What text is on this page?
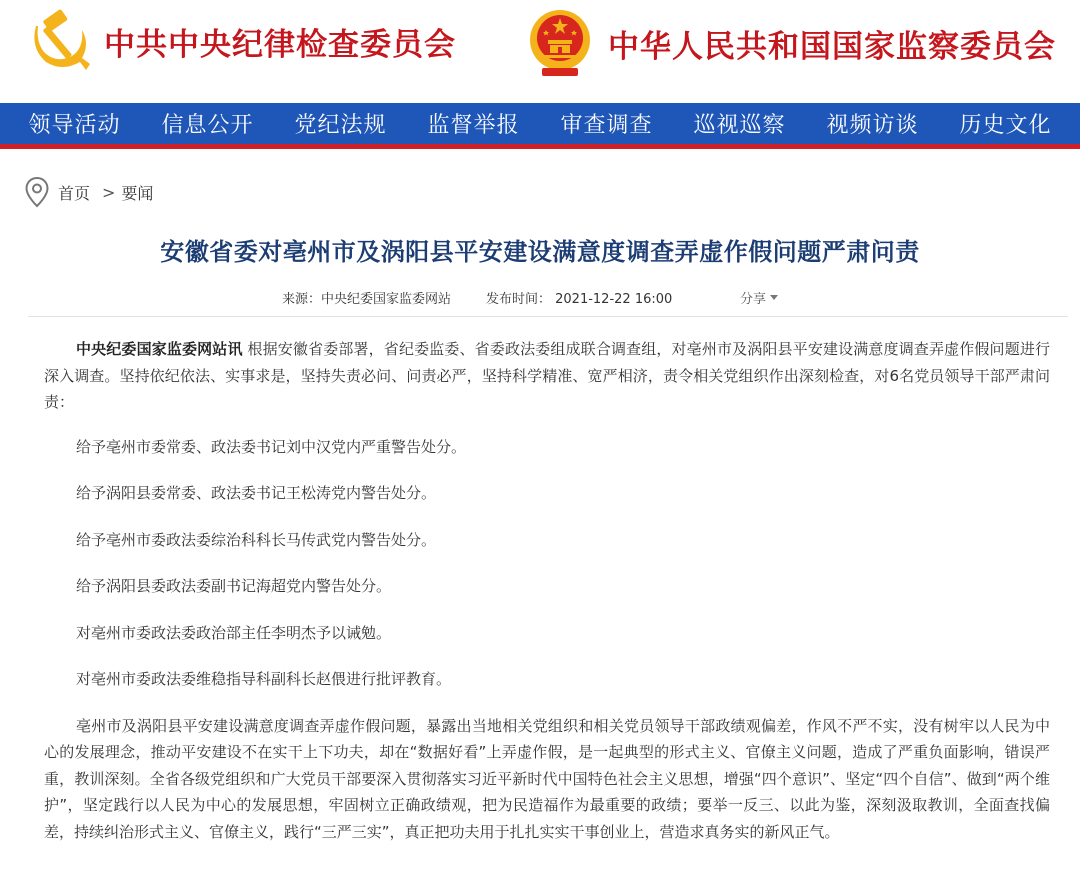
中共中央纪律检查委员会	中华人民共和国国家监察委员会
领导活动 信息公开 党纪法规 监督举报 审查调查 巡视巡察 视频访谈 历史文化
首页 > 要闻
安徽省委对亳州市及涡阳县平安建设满意度调查弄虚作假问题严肃问责
来源：中央纪委国家监委网站	发布时间： 2021-12-22 16:00	分享

中央纪委国家监委网站讯 根据安徽省委部署，省纪委监委、省委政法委组成联合调查组，对亳州市及涡阳县平安建设满意度调查弄虚作假问题进行深入调查。坚持依纪依法、实事求是，坚持失责必问、问责必严，坚持科学精准、宽严相济，责令相关党组织作出深刻检查，对6名党员领导干部严肃问责：

给予亳州市委常委、政法委书记刘中汉党内严重警告处分。

给予涡阳县委常委、政法委书记王松涛党内警告处分。

给予亳州市委政法委综治科科长马传武党内警告处分。

给予涡阳县委政法委副书记海超党内警告处分。

对亳州市委政法委政治部主任李明杰予以诫勉。

对亳州市委政法委维稳指导科副科长赵偎进行批评教育。

亳州市及涡阳县平安建设满意度调查弄虚作假问题，暴露出当地相关党组织和相关党员领导干部政绩观偏差，作风不严不实，没有树牢以人民为中心的发展理念，推动平安建设不在实干上下功夫，却在“数据好看”上弄虚作假，是一起典型的形式主义、官僚主义问题，造成了严重负面影响，错误严重，教训深刻。全省各级党组织和广大党员干部要深入贯彻落实习近平新时代中国特色社会主义思想，增强“四个意识”、坚定“四个自信”、做到“两个维护”，坚定践行以人民为中心的发展思想，牢固树立正确政绩观，把为民造福作为最重要的政绩；要举一反三、以此为鉴，深刻汲取教训，全面查找偏差，持续纠治形式主义、官僚主义，践行“三严三实”，真正把功夫用于扎扎实实干事创业上，营造求真务实的新风正气。
